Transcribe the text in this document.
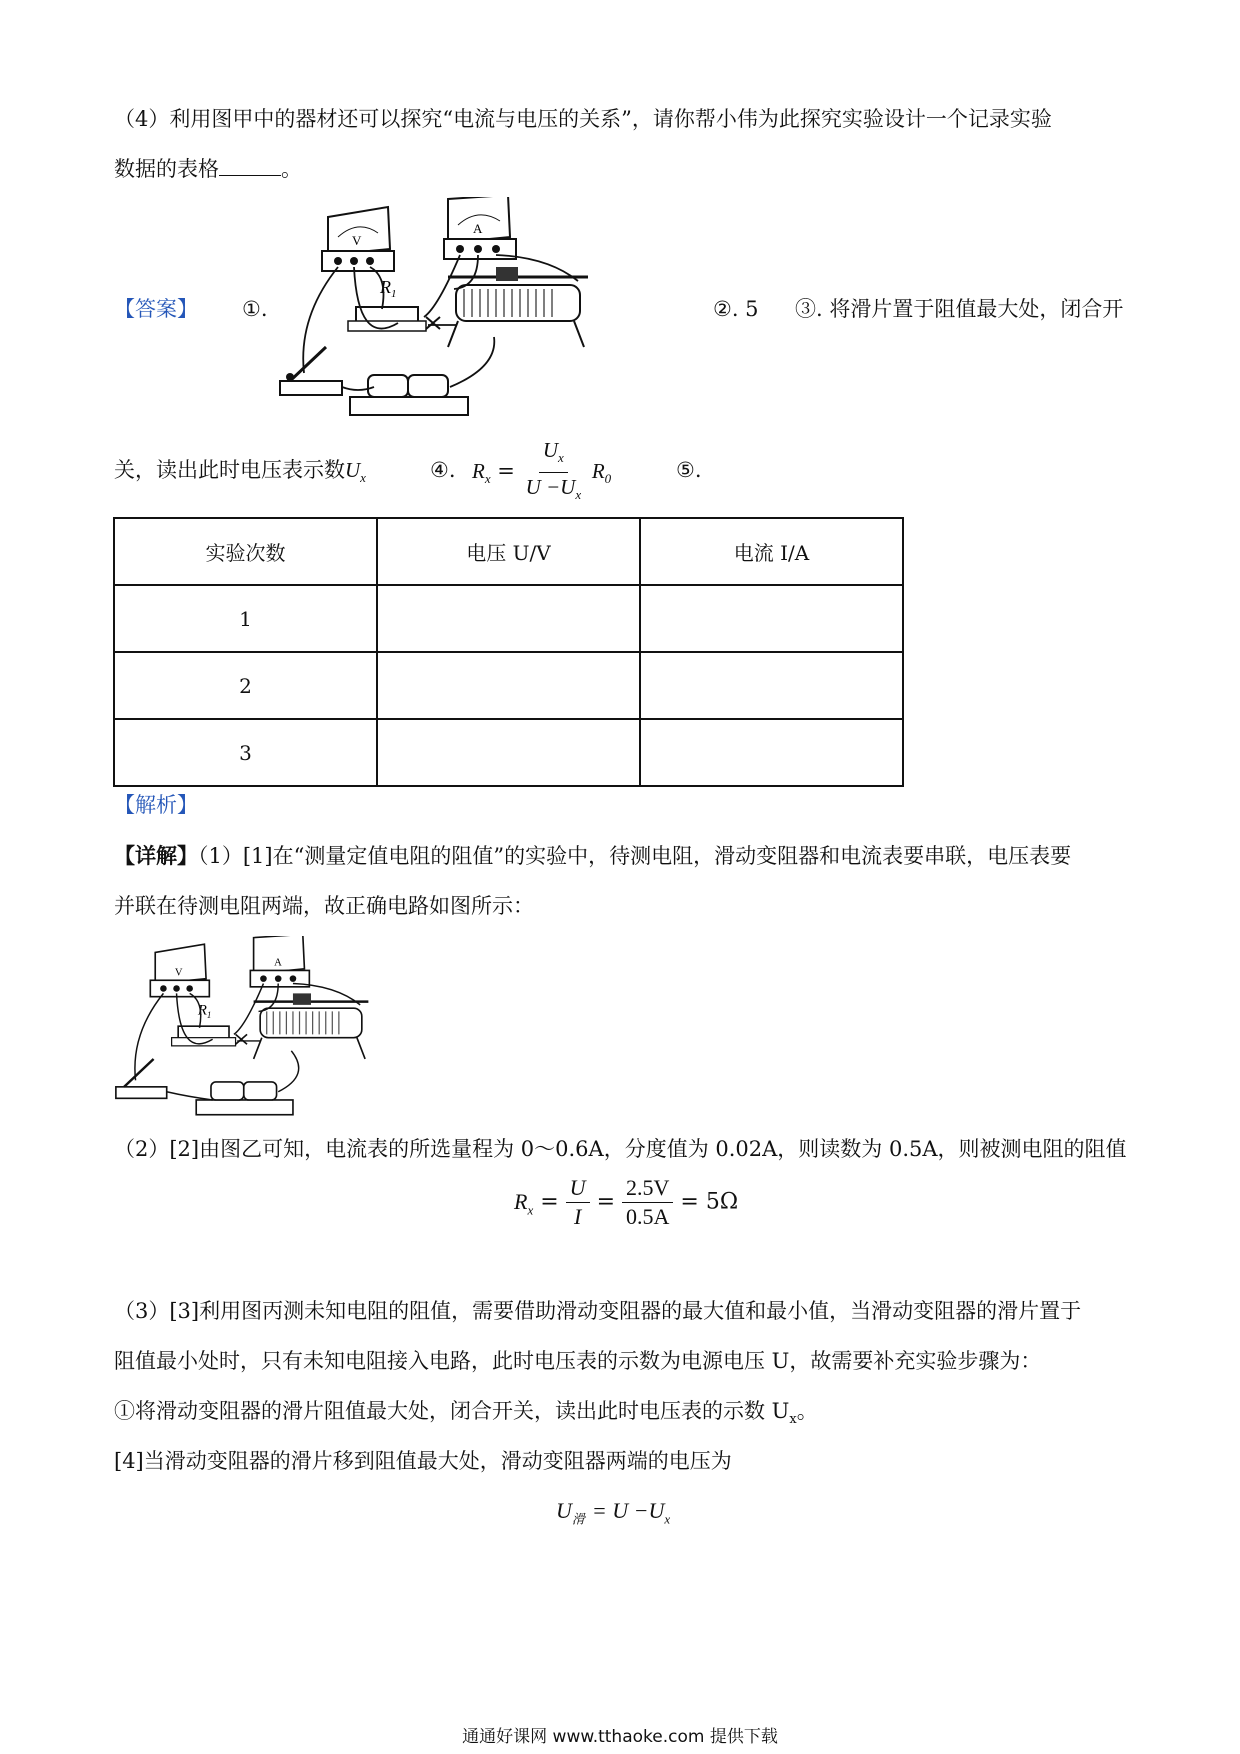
（4）利用图甲中的器材还可以探究“电流与电压的关系”，请你帮小伟为此探究实验设计一个记录实验
数据的表格	。
【答案】 ①.
V
A
$R_1$
②. 5 ③. 将滑片置于阻值最大处，闭合开
关，读出此时电压表示数$U_x$	④. $R_x = \frac{U_x}{U -U_x} R_0$	⑤.
实验次数	电压 U/V	电流 I/A
1		
2		
3		
【解析】
【详解】（1）[1]在“测量定值电阻的阻值”的实验中，待测电阻，滑动变阻器和电流表要串联，电压表要
并联在待测电阻两端，故正确电路如图所示：
V
A
$R_1$
（2）[2]由图乙可知，电流表的所选量程为 0～0.6A，分度值为 0.02A，则读数为 0.5A，则被测电阻的阻值
$R_x = \frac{U}{I} = \frac{2.5V}{0.5A} = 5\Omega$
（3）[3]利用图丙测未知电阻的阻值，需要借助滑动变阻器的最大值和最小值，当滑动变阻器的滑片置于
阻值最小处时，只有未知电阻接入电路，此时电压表的示数为电源电压 U，故需要补充实验步骤为：
①将滑动变阻器的滑片阻值最大处，闭合开关，读出此时电压表的示数 $U_x$。
[4]当滑动变阻器的滑片移到阻值最大处，滑动变阻器两端的电压为
$U_滑 = U -U_x$
通通好课网 www.tthaoke.com 提供下载
